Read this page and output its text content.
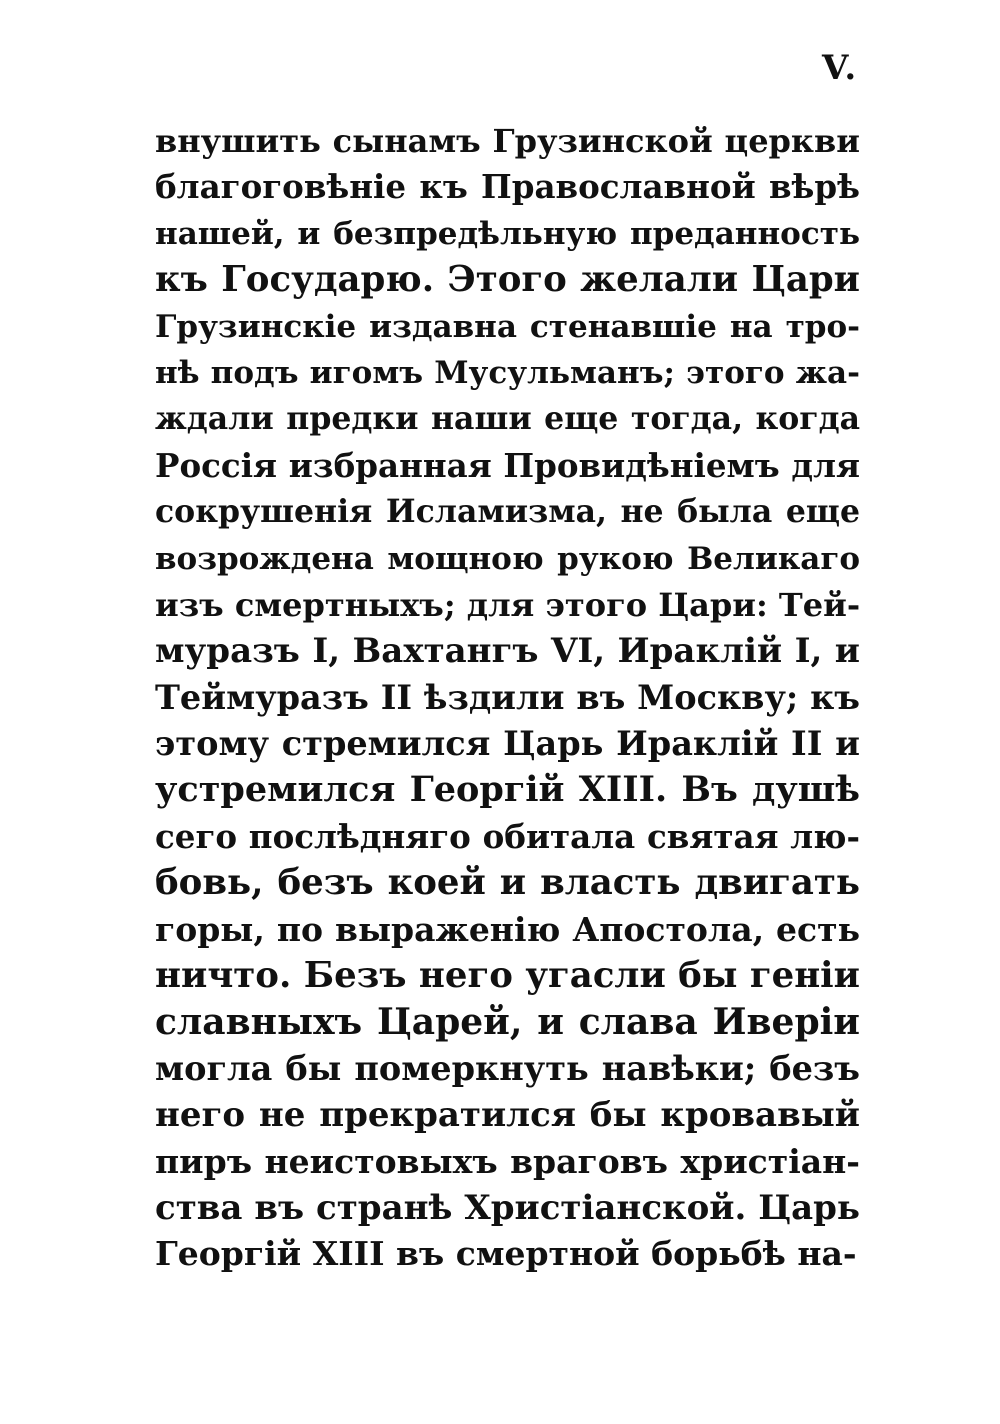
V.
внушить сынамъ Грузинской церкви
благоговѣніе къ Православной вѣрѣ
нашей, и безпредѣльную преданность
къ Государю. Этого желали Цари
Грузинскіе издавна стенавшіе на тро-
нѣ подъ игомъ Мусульманъ; этого жа-
ждали предки наши еще тогда, когда
Россія избранная Провидѣніемъ для
сокрушенія Исламизма, не была еще
возрождена мощною рукою Великаго
изъ смертныхъ; для этого Цари: Тей-
муразъ I, Вахтангъ VI, Ираклій I, и
Теймуразъ II ѣздили въ Москву; къ
этому стремился Царь Ираклій II и
устремился Георгій XIII. Въ душѣ
сего послѣдняго обитала святая лю-
бовь, безъ коей и власть двигать
горы, по выраженію Апостола, есть
ничто. Безъ него угасли бы геніи
славныхъ Царей, и слава Иверіи
могла бы померкнуть навѣки; безъ
него не прекратился бы кровавый
пиръ неистовыхъ враговъ христіан-
ства въ странѣ Христіанской. Царь
Георгій XIII въ смертной борьбѣ на-
